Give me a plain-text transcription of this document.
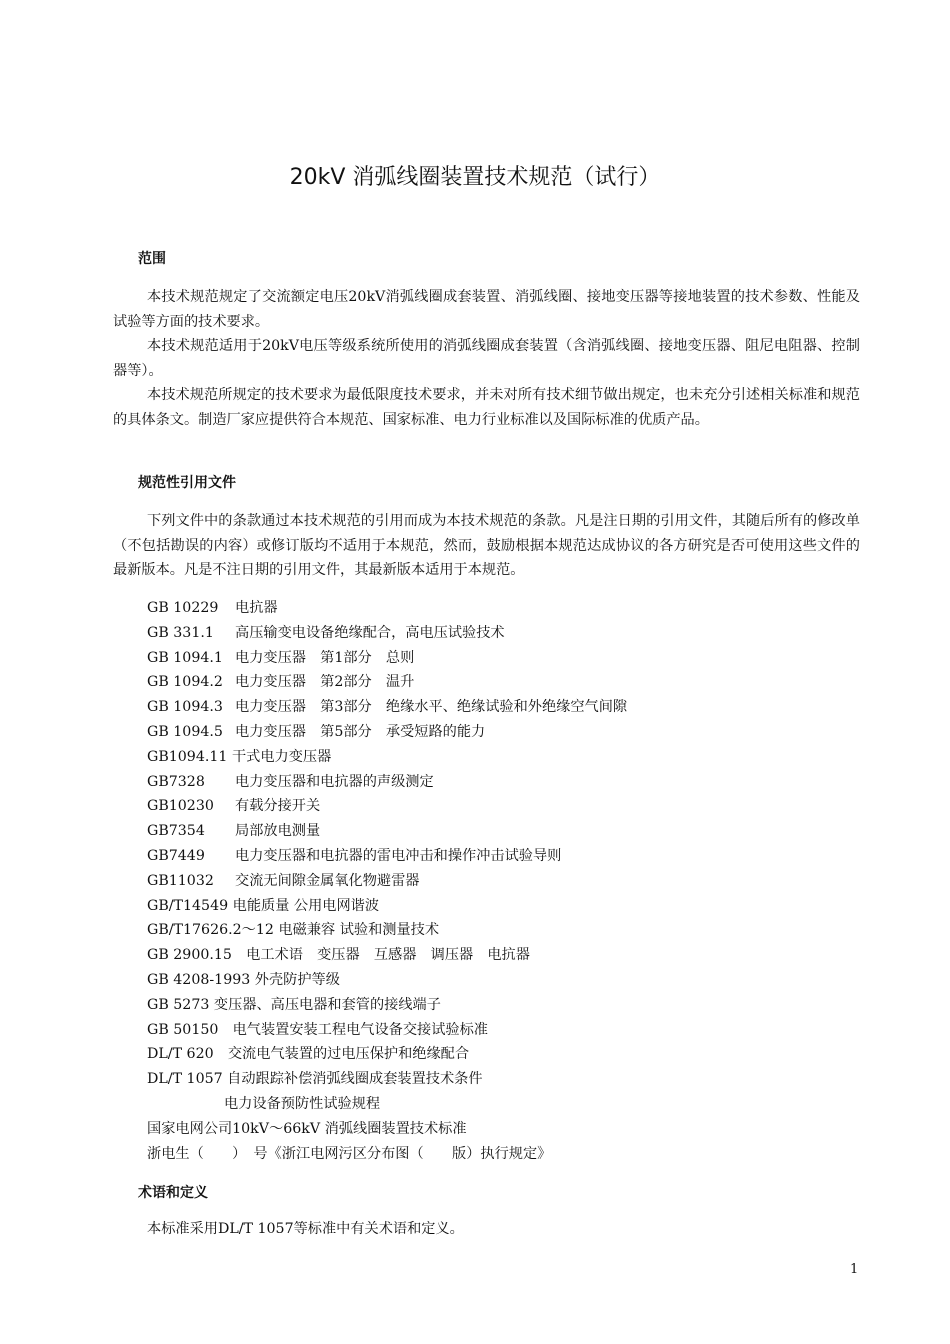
20kV 消弧线圈装置技术规范（试行）
范围

本技术规范规定了交流额定电压20kV消弧线圈成套装置、消弧线圈、接地变压器等接地装置的技术参数、性能及试验等方面的技术要求。

本技术规范适用于20kV电压等级系统所使用的消弧线圈成套装置（含消弧线圈、接地变压器、阻尼电阻器、控制器等）。

本技术规范所规定的技术要求为最低限度技术要求，并未对所有技术细节做出规定，也未充分引述相关标准和规范的具体条文。制造厂家应提供符合本规范、国家标准、电力行业标准以及国际标准的优质产品。

规范性引用文件

下列文件中的条款通过本技术规范的引用而成为本技术规范的条款。凡是注日期的引用文件，其随后所有的修改单（不包括勘误的内容）或修订版均不适用于本规范，然而，鼓励根据本规范达成协议的各方研究是否可使用这些文件的最新版本。凡是不注日期的引用文件，其最新版本适用于本规范。

GB 10229 电抗器
GB 331.1 高压输变电设备绝缘配合，高电压试验技术
GB 1094.1 电力变压器　第1部分　总则
GB 1094.2 电力变压器　第2部分　温升
GB 1094.3 电力变压器　第3部分　绝缘水平、绝缘试验和外绝缘空气间隙
GB 1094.5 电力变压器　第5部分　承受短路的能力
GB1094.11 干式电力变压器
GB7328 电力变压器和电抗器的声级测定
GB10230 有载分接开关
GB7354 局部放电测量
GB7449 电力变压器和电抗器的雷电冲击和操作冲击试验导则
GB11032 交流无间隙金属氧化物避雷器
GB/T14549 电能质量 公用电网谐波
GB/T17626.2～12 电磁兼容 试验和测量技术
GB 2900.15　 电工术语　变压器　互感器　调压器　电抗器
GB 4208-1993 外壳防护等级
GB 5273 变压器、高压电器和套管的接线端子
GB 50150　 电气装置安装工程电气设备交接试验标准
DL/T 620　 交流电气装置的过电压保护和绝缘配合
DL/T 1057 自动跟踪补偿消弧线圈成套装置技术条件
电力设备预防性试验规程
国家电网公司10kV～66kV 消弧线圈装置技术标准
浙电生（　　）　号《浙江电网污区分布图（　　 版）执行规定》
术语和定义

本标准采用DL/T 1057等标准中有关术语和定义。

1
